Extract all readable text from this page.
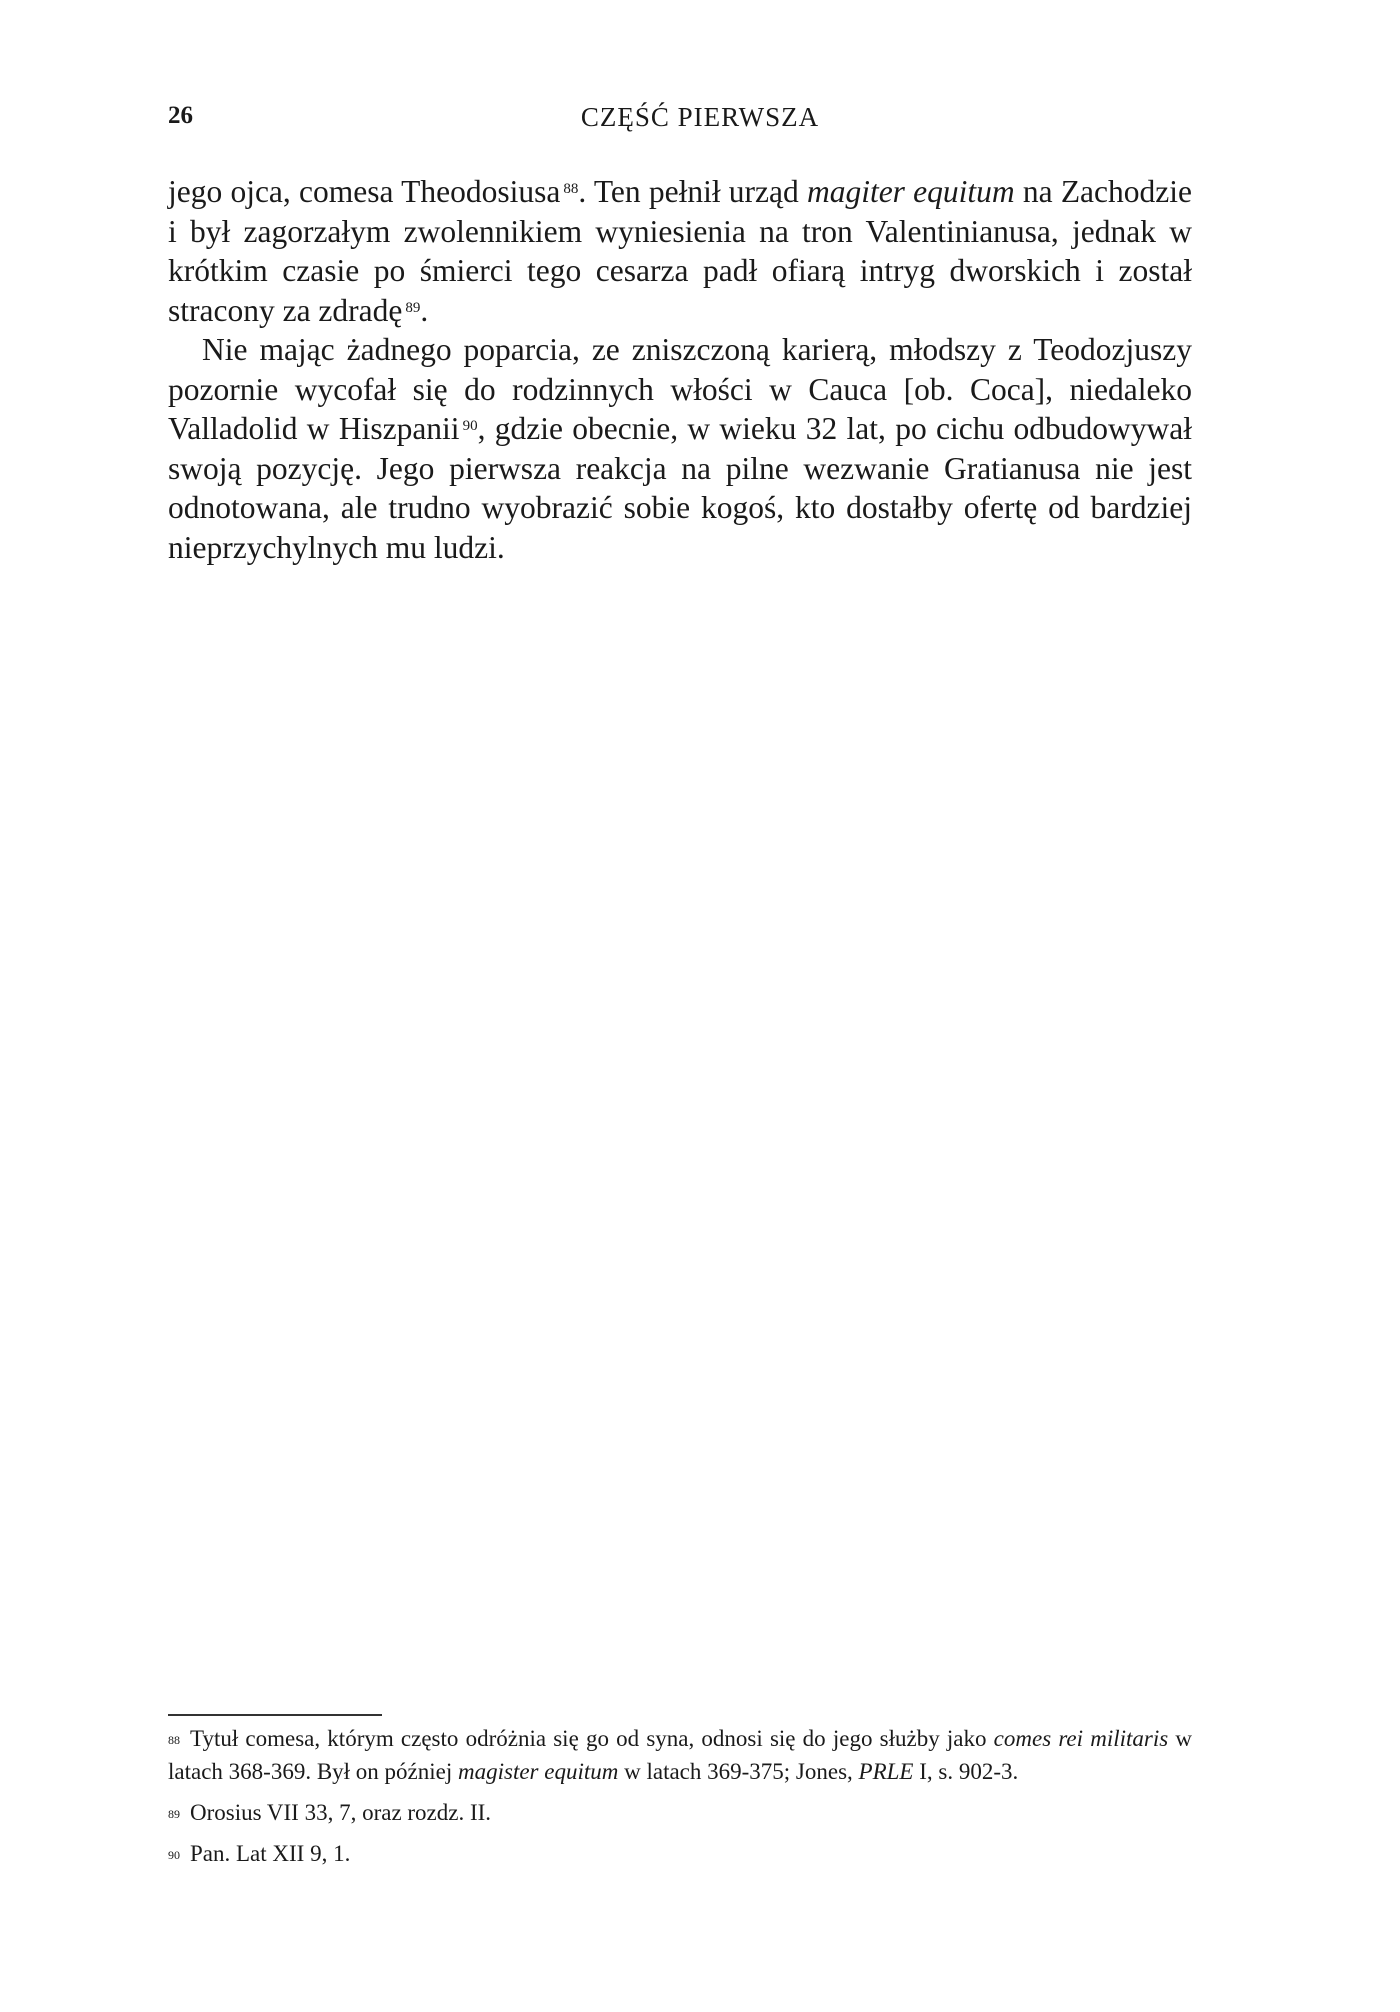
26	CZĘŚĆ PIERWSZA

jego ojca, comesa Theodosiusa $^{88}$. Ten pełnił urząd magiter equitum na Zachodzie i był zagorzałym zwolennikiem wyniesienia na tron Valentinianusa, jednak w krótkim czasie po śmierci tego cesarza padł ofiarą intryg dworskich i został stracony za zdradę $^{89}$.

Nie mając żadnego poparcia, ze zniszczoną karierą, młodszy z Teodozjuszy pozornie wycofał się do rodzinnych włości w Cauca [ob. Coca], niedaleko Valladolid w Hiszpanii $^{90}$, gdzie obecnie, w wieku 32 lat, po cichu odbudowywał swoją pozycję. Jego pierwsza reakcja na pilne wezwanie Gratianusa nie jest odnotowana, ale trudno wyobrazić sobie kogoś, kto dostałby ofertę od bardziej nieprzychylnych mu ludzi.

$^{88}$ Tytuł comesa, którym często odróżnia się go od syna, odnosi się do jego służby jako comes rei militaris w latach 368-369. Był on później magister equitum w latach 369-375; Jones, PRLE I, s. 902-3.

$^{89}$ Orosius VII 33, 7, oraz rozdz. II.

$^{90}$ Pan. Lat XII 9, 1.
